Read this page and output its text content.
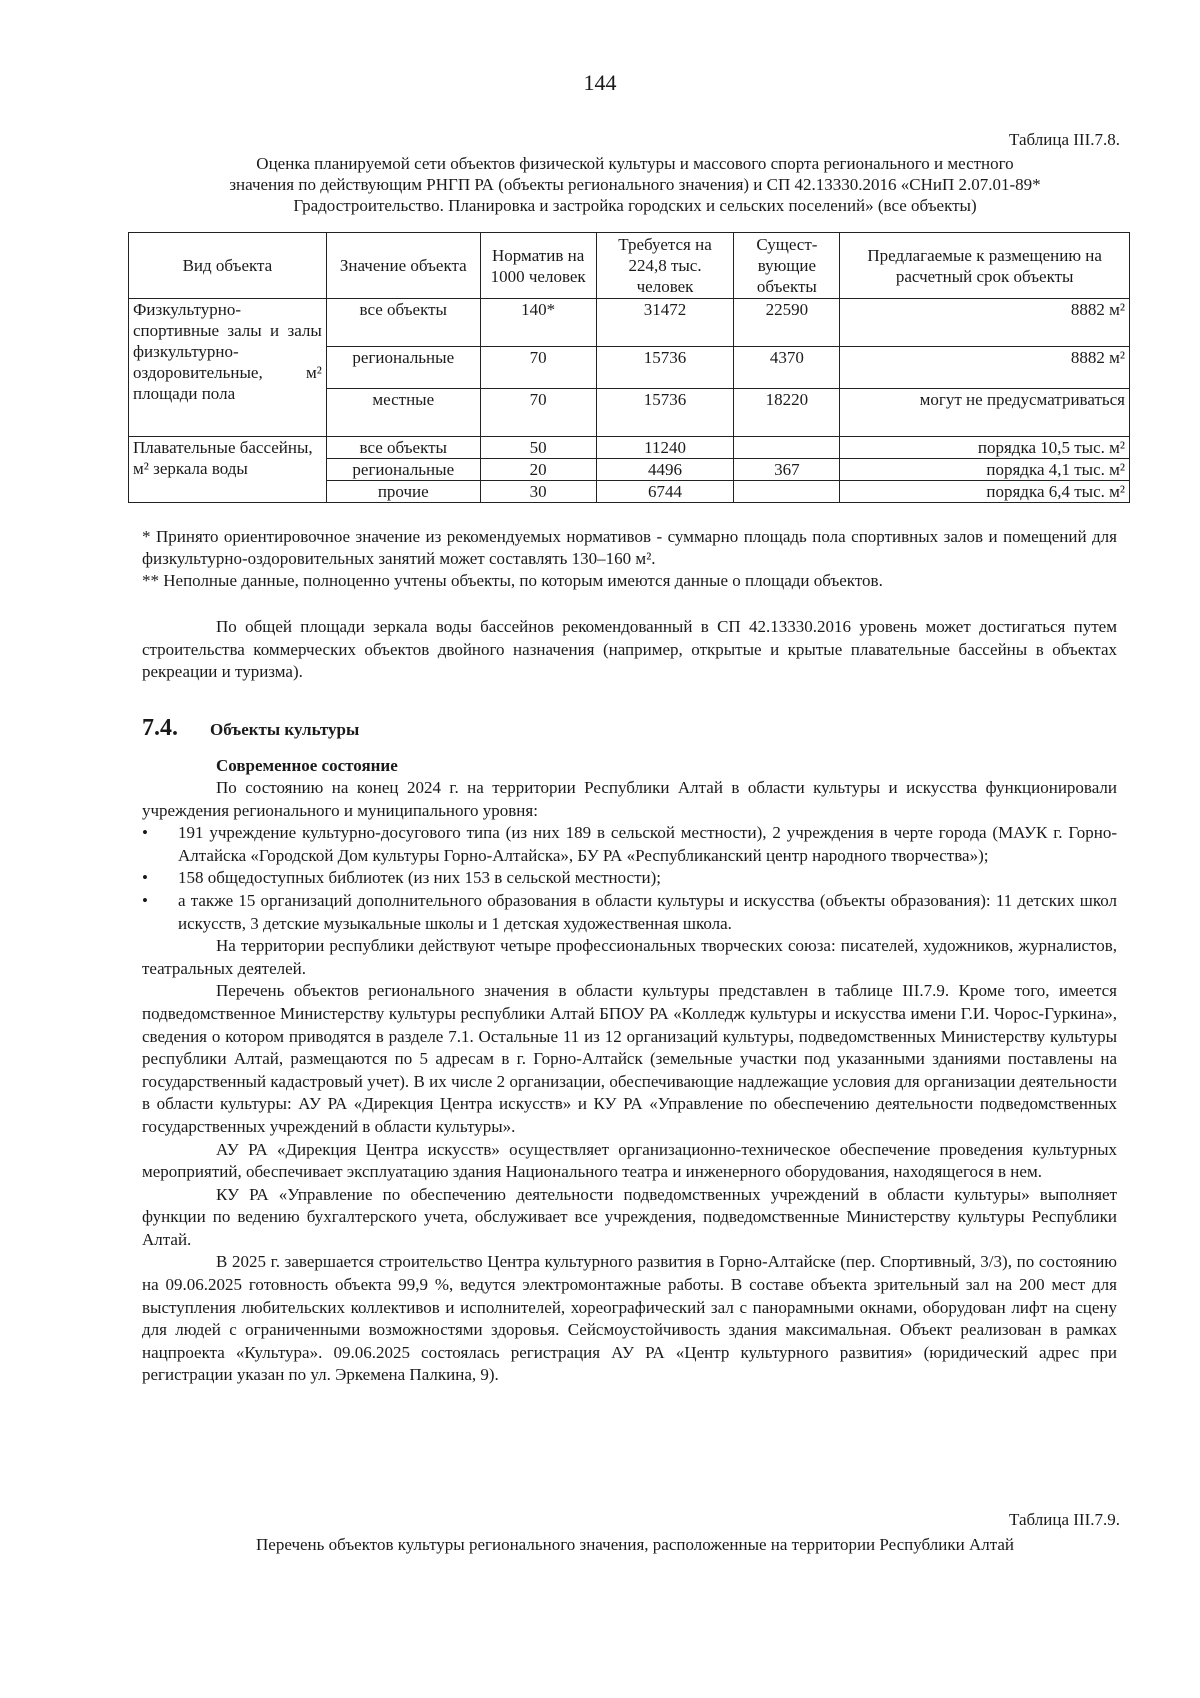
144
Таблица III.7.8.
Оценка планируемой сети объектов физической культуры и массового спорта регионального и местного
значения по действующим РНГП РА (объекты регионального значения) и СП 42.13330.2016 «СНиП 2.07.01-89*
Градостроительство. Планировка и застройка городских и сельских поселений» (все объекты)
Вид объекта	Значение объекта	Норматив на 1000 человек	Требуется на 224,8 тыс. человек	Сущест-вующие объекты	Предлагаемые к размещению на расчетный срок объекты
Физкультурно-спортивные залы и залы физкультурно-оздоровительные, м² площади пола	все объекты	140*	31472	22590	8882 м²
	региональные	70	15736	4370	8882 м²
	местные	70	15736	18220	могут не предусматриваться
Плавательные бассейны, м² зеркала воды	все объекты	50	11240		порядка 10,5 тыс. м²
	региональные	20	4496	367	порядка 4,1 тыс. м²
	прочие	30	6744		порядка 6,4 тыс. м²

* Принято ориентировочное значение из рекомендуемых нормативов - суммарно площадь пола спортивных залов и помещений для физкультурно-оздоровительных занятий может составлять 130–160 м².

** Неполные данные, полноценно учтены объекты, по которым имеются данные о площади объектов.

По общей площади зеркала воды бассейнов рекомендованный в СП 42.13330.2016 уровень может достигаться путем строительства коммерческих объектов двойного назначения (например, открытые и крытые плавательные бассейны в объектах рекреации и туризма).

7.4. Объекты культуры
Современное состояние

По состоянию на конец 2024 г. на территории Республики Алтай в области культуры и искусства функционировали учреждения регионального и муниципального уровня:

• 191 учреждение культурно-досугового типа (из них 189 в сельской местности), 2 учреждения в черте города (МАУК г. Горно-Алтайска «Городской Дом культуры Горно-Алтайска», БУ РА «Республиканский центр народного творчества»);
• 158 общедоступных библиотек (из них 153 в сельской местности);
• а также 15 организаций дополнительного образования в области культуры и искусства (объекты образования): 11 детских школ искусств, 3 детские музыкальные школы и 1 детская художественная школа.

На территории республики действуют четыре профессиональных творческих союза: писателей, художников, журналистов, театральных деятелей.

Перечень объектов регионального значения в области культуры представлен в таблице III.7.9. Кроме того, имеется подведомственное Министерству культуры республики Алтай БПОУ РА «Колледж культуры и искусства имени Г.И. Чорос-Гуркина», сведения о котором приводятся в разделе 7.1. Остальные 11 из 12 организаций культуры, подведомственных Министерству культуры республики Алтай, размещаются по 5 адресам в г. Горно-Алтайск (земельные участки под указанными зданиями поставлены на государственный кадастровый учет). В их числе 2 организации, обеспечивающие надлежащие условия для организации деятельности в области культуры: АУ РА «Дирекция Центра искусств» и КУ РА «Управление по обеспечению деятельности подведомственных государственных учреждений в области культуры».

АУ РА «Дирекция Центра искусств» осуществляет организационно-техническое обеспечение проведения культурных мероприятий, обеспечивает эксплуатацию здания Национального театра и инженерного оборудования, находящегося в нем.

КУ РА «Управление по обеспечению деятельности подведомственных учреждений в области культуры» выполняет функции по ведению бухгалтерского учета, обслуживает все учреждения, подведомственные Министерству культуры Республики Алтай.

В 2025 г. завершается строительство Центра культурного развития в Горно-Алтайске (пер. Спортивный, 3/3), по состоянию на 09.06.2025 готовность объекта 99,9 %, ведутся электромонтажные работы. В составе объекта зрительный зал на 200 мест для выступления любительских коллективов и исполнителей, хореографический зал с панорамными окнами, оборудован лифт на сцену для людей с ограниченными возможностями здоровья. Сейсмоустойчивость здания максимальная. Объект реализован в рамках нацпроекта «Культура». 09.06.2025 состоялась регистрация АУ РА «Центр культурного развития» (юридический адрес при регистрации указан по ул. Эркемена Палкина, 9).

Таблица III.7.9.
Перечень объектов культуры регионального значения, расположенные на территории Республики Алтай
